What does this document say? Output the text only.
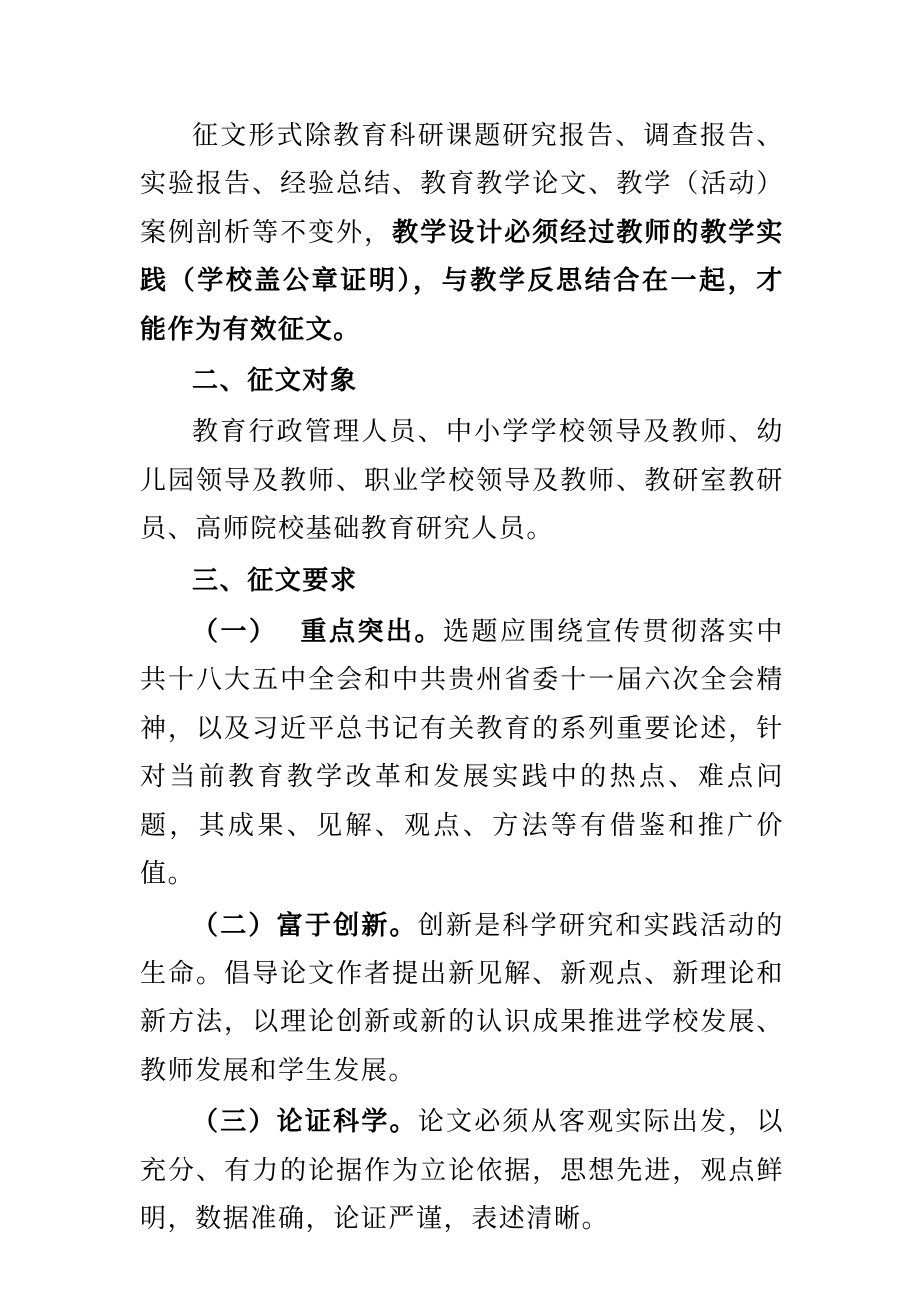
征文形式除教育科研课题研究报告、调查报告、实验报告、经验总结、教育教学论文、教学（活动）案例剖析等不变外，教学设计必须经过教师的教学实践（学校盖公章证明），与教学反思结合在一起，才能作为有效征文。

二、征文对象

教育行政管理人员、中小学学校领导及教师、幼儿园领导及教师、职业学校领导及教师、教研室教研员、高师院校基础教育研究人员。

三、征文要求

（一）  重点突出。选题应围绕宣传贯彻落实中共十八大五中全会和中共贵州省委十一届六次全会精神，以及习近平总书记有关教育的系列重要论述，针对当前教育教学改革和发展实践中的热点、难点问题，其成果、见解、观点、方法等有借鉴和推广价值。

（二）富于创新。创新是科学研究和实践活动的生命。倡导论文作者提出新见解、新观点、新理论和新方法，以理论创新或新的认识成果推进学校发展、教师发展和学生发展。

（三）论证科学。论文必须从客观实际出发，以充分、有力的论据作为立论依据，思想先进，观点鲜明，数据准确，论证严谨，表述清晰。
